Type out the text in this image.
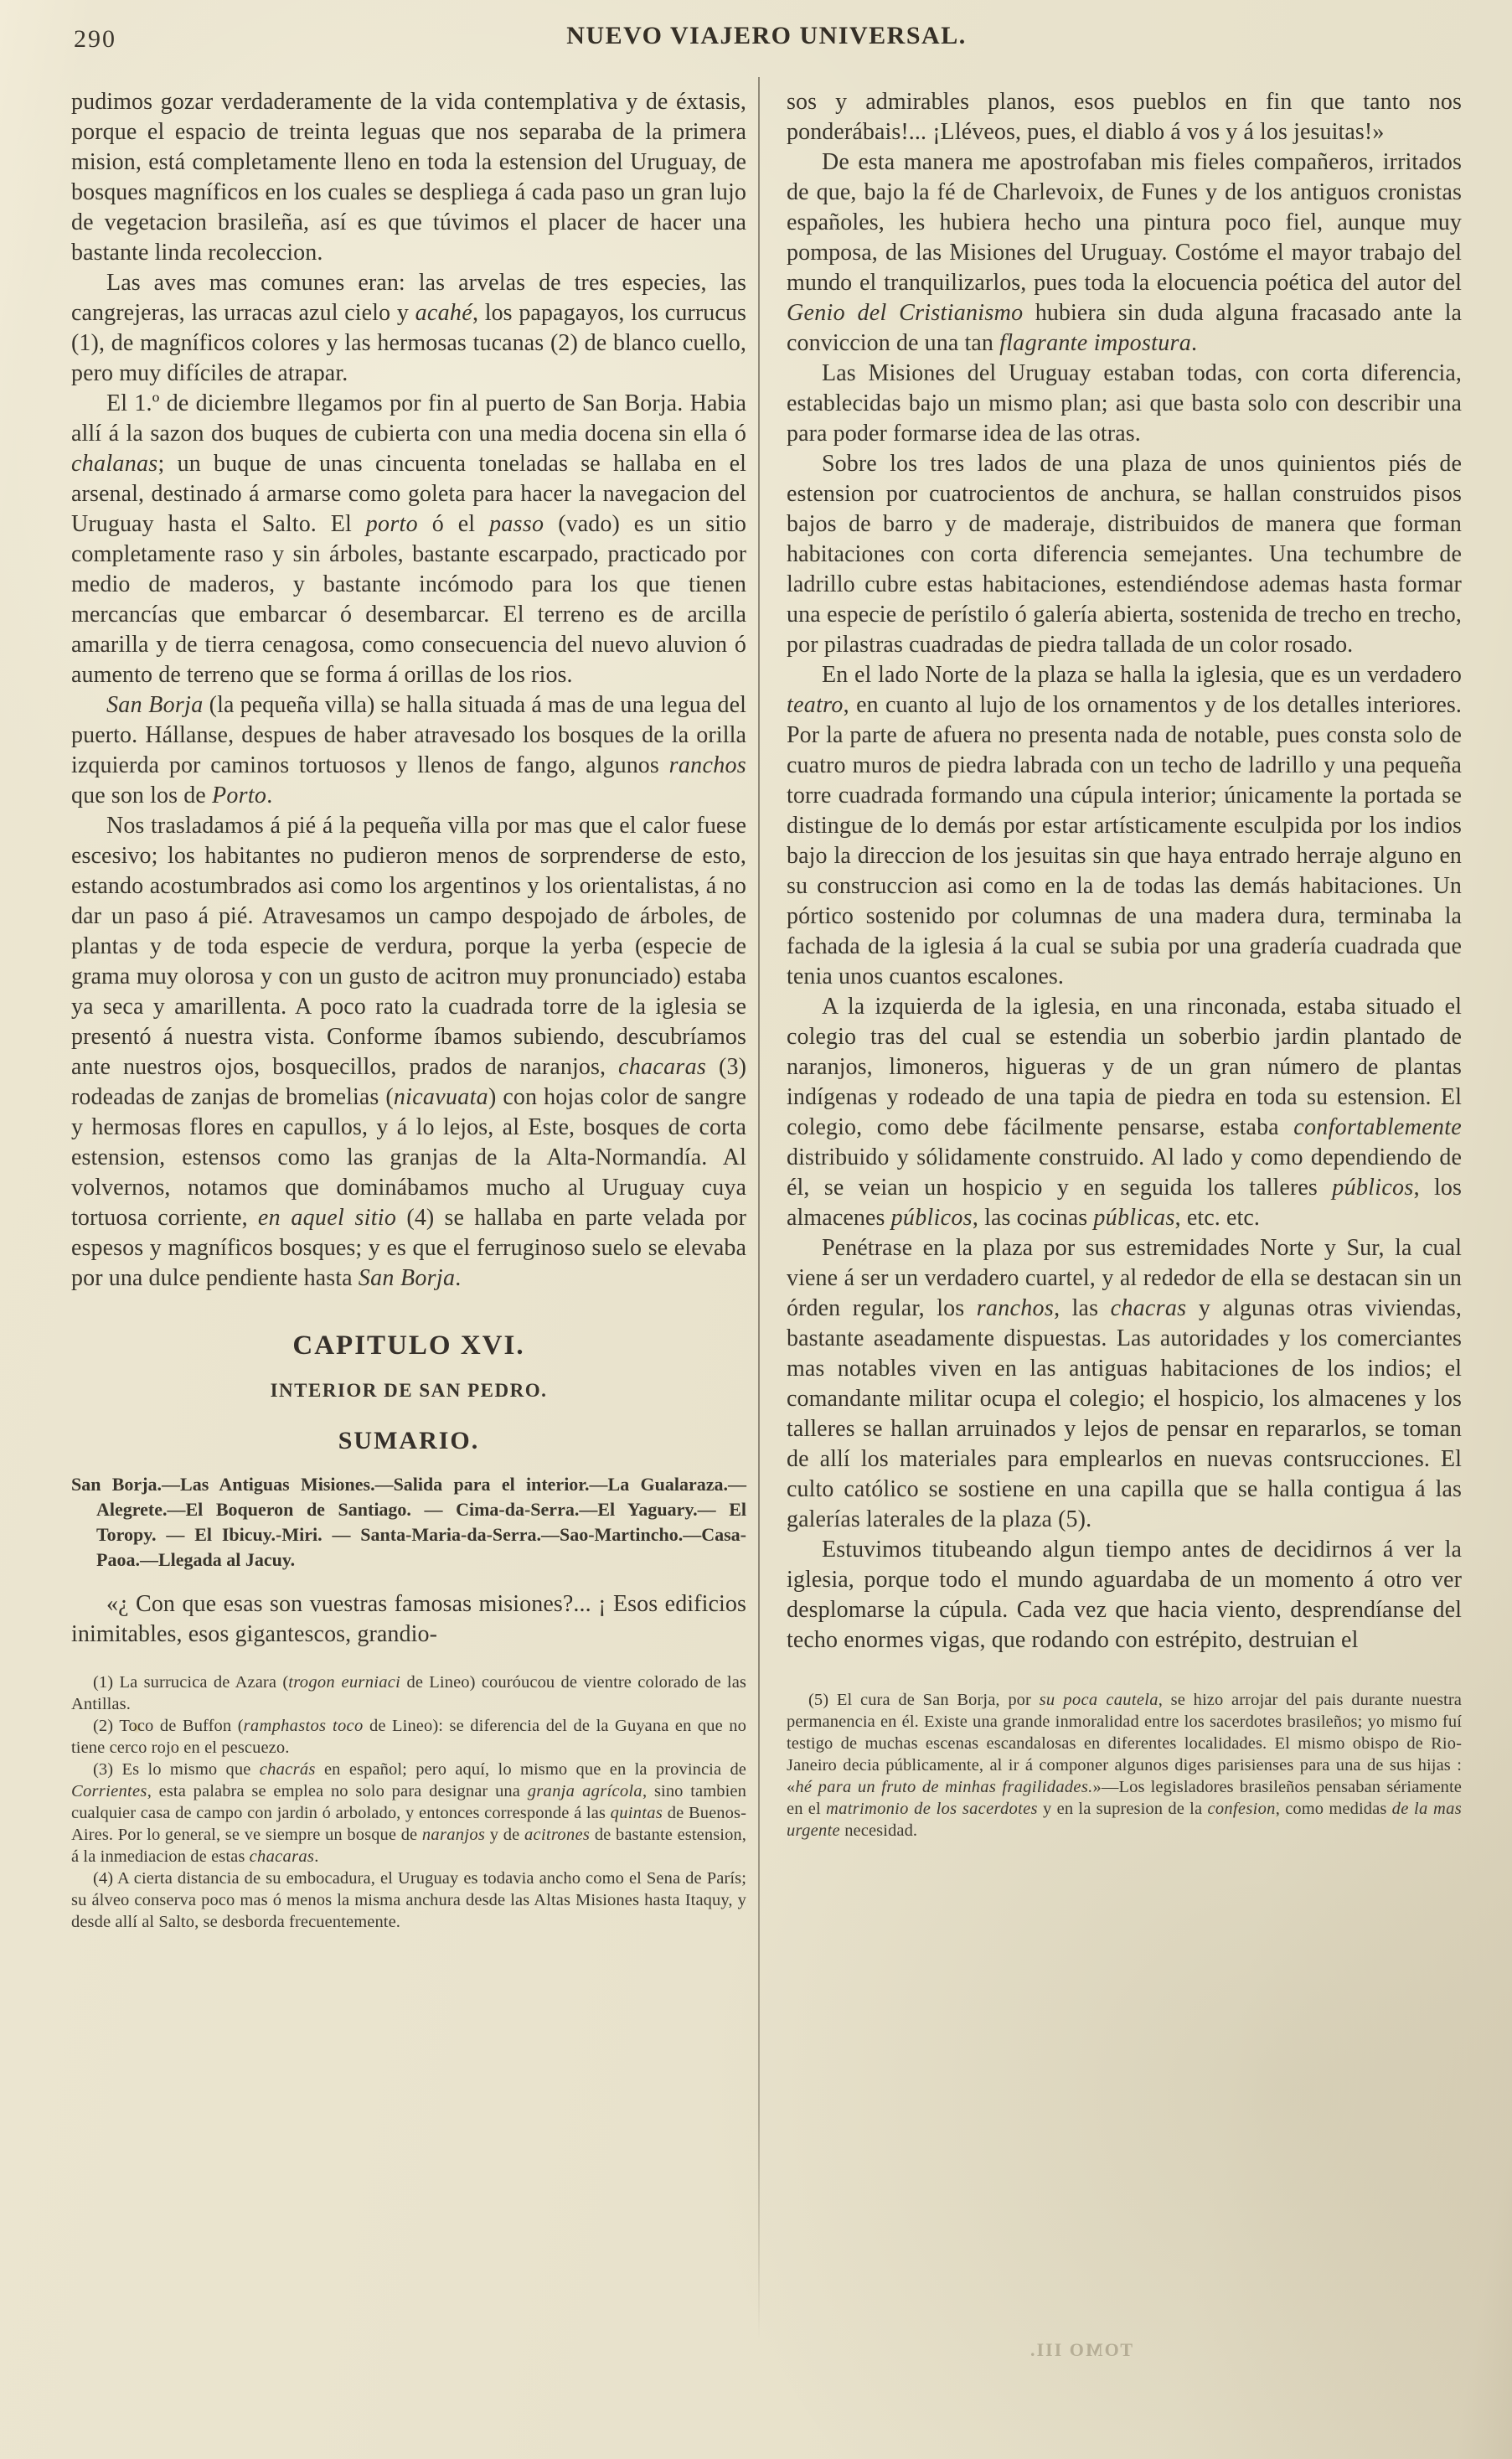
290	NUEVO VIAJERO UNIVERSAL.

pudimos gozar verdaderamente de la vida contemplativa y de éxtasis, porque el espacio de treinta leguas que nos separaba de la primera mision, está completamente lleno en toda la estension del Uruguay, de bosques magníficos en los cuales se despliega á cada paso un gran lujo de vegetacion brasileña, así es que túvimos el placer de hacer una bastante linda recoleccion.

Las aves mas comunes eran: las arvelas de tres especies, las cangrejeras, las urracas azul cielo y acahé, los papagayos, los currucus (1), de magníficos colores y las hermosas tucanas (2) de blanco cuello, pero muy difíciles de atrapar.

El 1.º de diciembre llegamos por fin al puerto de San Borja. Habia allí á la sazon dos buques de cubierta con una media docena sin ella ó chalanas; un buque de unas cincuenta toneladas se hallaba en el arsenal, destinado á armarse como goleta para hacer la navegacion del Uruguay hasta el Salto. El porto ó el passo (vado) es un sitio completamente raso y sin árboles, bastante escarpado, practicado por medio de maderos, y bastante incómodo para los que tienen mercancías que embarcar ó desembarcar. El terreno es de arcilla amarilla y de tierra cenagosa, como consecuencia del nuevo aluvion ó aumento de terreno que se forma á orillas de los rios.

San Borja (la pequeña villa) se halla situada á mas de una legua del puerto. Hállanse, despues de haber atravesado los bosques de la orilla izquierda por caminos tortuosos y llenos de fango, algunos ranchos que son los de Porto.

Nos trasladamos á pié á la pequeña villa por mas que el calor fuese escesivo; los habitantes no pudieron menos de sorprenderse de esto, estando acostumbrados asi como los argentinos y los orientalistas, á no dar un paso á pié. Atravesamos un campo despojado de árboles, de plantas y de toda especie de verdura, porque la yerba (especie de grama muy olorosa y con un gusto de acitron muy pronunciado) estaba ya seca y amarillenta. A poco rato la cuadrada torre de la iglesia se presentó á nuestra vista. Conforme íbamos subiendo, descubríamos ante nuestros ojos, bosquecillos, prados de naranjos, chacaras (3) rodeadas de zanjas de bromelias (nicavuata) con hojas color de sangre y hermosas flores en capullos, y á lo lejos, al Este, bosques de corta estension, estensos como las granjas de la Alta-Normandía. Al volvernos, notamos que dominábamos mucho al Uruguay cuya tortuosa corriente, en aquel sitio (4) se hallaba en parte velada por espesos y magníficos bosques; y es que el ferruginoso suelo se elevaba por una dulce pendiente hasta San Borja.

CAPITULO XVI.
INTERIOR DE SAN PEDRO.
SUMARIO.

San Borja.—Las Antiguas Misiones.—Salida para el interior.—La Gualaraza.—Alegrete.—El Boqueron de Santiago. — Cima-da-Serra.—El Yaguary.— El Toropy. — El Ibicuy.-Miri. — Santa-Maria-da-Serra.—Sao-Martincho.—Casa-Paoa.—Llegada al Jacuy.

«¿ Con que esas son vuestras famosas misiones?... ¡ Esos edificios inimitables, esos gigantescos, grandio-

(1) La surrucica de Azara (trogon eurniaci de Lineo) couróucou de vientre colorado de las Antillas.

(2) Toco de Buffon (ramphastos toco de Lineo): se diferencia del de la Guyana en que no tiene cerco rojo en el pescuezo.

(3) Es lo mismo que chacrás en español; pero aquí, lo mismo que en la provincia de Corrientes, esta palabra se emplea no solo para designar una granja agrícola, sino tambien cualquier casa de campo con jardin ó arbolado, y entonces corresponde á las quintas de Buenos-Aires. Por lo general, se ve siempre un bosque de naranjos y de acitrones de bastante estension, á la inmediacion de estas chacaras.

(4) A cierta distancia de su embocadura, el Uruguay es todavia ancho como el Sena de París; su álveo conserva poco mas ó menos la misma anchura desde las Altas Misiones hasta Itaquy, y desde allí al Salto, se desborda frecuentemente.

sos y admirables planos, esos pueblos en fin que tanto nos ponderábais!... ¡Lléveos, pues, el diablo á vos y á los jesuitas!»

De esta manera me apostrofaban mis fieles compañeros, irritados de que, bajo la fé de Charlevoix, de Funes y de los antiguos cronistas españoles, les hubiera hecho una pintura poco fiel, aunque muy pomposa, de las Misiones del Uruguay. Costóme el mayor trabajo del mundo el tranquilizarlos, pues toda la elocuencia poética del autor del Genio del Cristianismo hubiera sin duda alguna fracasado ante la conviccion de una tan flagrante impostura.

Las Misiones del Uruguay estaban todas, con corta diferencia, establecidas bajo un mismo plan; asi que basta solo con describir una para poder formarse idea de las otras.

Sobre los tres lados de una plaza de unos quinientos piés de estension por cuatrocientos de anchura, se hallan construidos pisos bajos de barro y de maderaje, distribuidos de manera que forman habitaciones con corta diferencia semejantes. Una techumbre de ladrillo cubre estas habitaciones, estendiéndose ademas hasta formar una especie de perístilo ó galería abierta, sostenida de trecho en trecho, por pilastras cuadradas de piedra tallada de un color rosado.

En el lado Norte de la plaza se halla la iglesia, que es un verdadero teatro, en cuanto al lujo de los ornamentos y de los detalles interiores. Por la parte de afuera no presenta nada de notable, pues consta solo de cuatro muros de piedra labrada con un techo de ladrillo y una pequeña torre cuadrada formando una cúpula interior; únicamente la portada se distingue de lo demás por estar artísticamente esculpida por los indios bajo la direccion de los jesuitas sin que haya entrado herraje alguno en su construccion asi como en la de todas las demás habitaciones. Un pórtico sostenido por columnas de una madera dura, terminaba la fachada de la iglesia á la cual se subia por una gradería cuadrada que tenia unos cuantos escalones.

A la izquierda de la iglesia, en una rinconada, estaba situado el colegio tras del cual se estendia un soberbio jardin plantado de naranjos, limoneros, higueras y de un gran número de plantas indígenas y rodeado de una tapia de piedra en toda su estension. El colegio, como debe fácilmente pensarse, estaba confortablemente distribuido y sólidamente construido. Al lado y como dependiendo de él, se veian un hospicio y en seguida los talleres públicos, los almacenes públicos, las cocinas públicas, etc. etc.

Penétrase en la plaza por sus estremidades Norte y Sur, la cual viene á ser un verdadero cuartel, y al rededor de ella se destacan sin un órden regular, los ranchos, las chacras y algunas otras viviendas, bastante aseadamente dispuestas. Las autoridades y los comerciantes mas notables viven en las antiguas habitaciones de los indios; el comandante militar ocupa el colegio; el hospicio, los almacenes y los talleres se hallan arruinados y lejos de pensar en repararlos, se toman de allí los materiales para emplearlos en nuevas contsrucciones. El culto católico se sostiene en una capilla que se halla contigua á las galerías laterales de la plaza (5).

Estuvimos titubeando algun tiempo antes de decidirnos á ver la iglesia, porque todo el mundo aguardaba de un momento á otro ver desplomarse la cúpula. Cada vez que hacia viento, desprendíanse del techo enormes vigas, que rodando con estrépito, destruian el

(5) El cura de San Borja, por su poca cautela, se hizo arrojar del pais durante nuestra permanencia en él. Existe una grande inmoralidad entre los sacerdotes brasileños; yo mismo fuí testigo de muchas escenas escandalosas en diferentes localidades. El mismo obispo de Rio-Janeiro decia públicamente, al ir á componer algunos diges parisienses para una de sus hijas : «hé para un fruto de minhas fragilidades.»—Los legisladores brasileños pensaban sériamente en el matrimonio de los sacerdotes y en la supresion de la confesion, como medidas de la mas urgente necesidad.

TOMO III.
